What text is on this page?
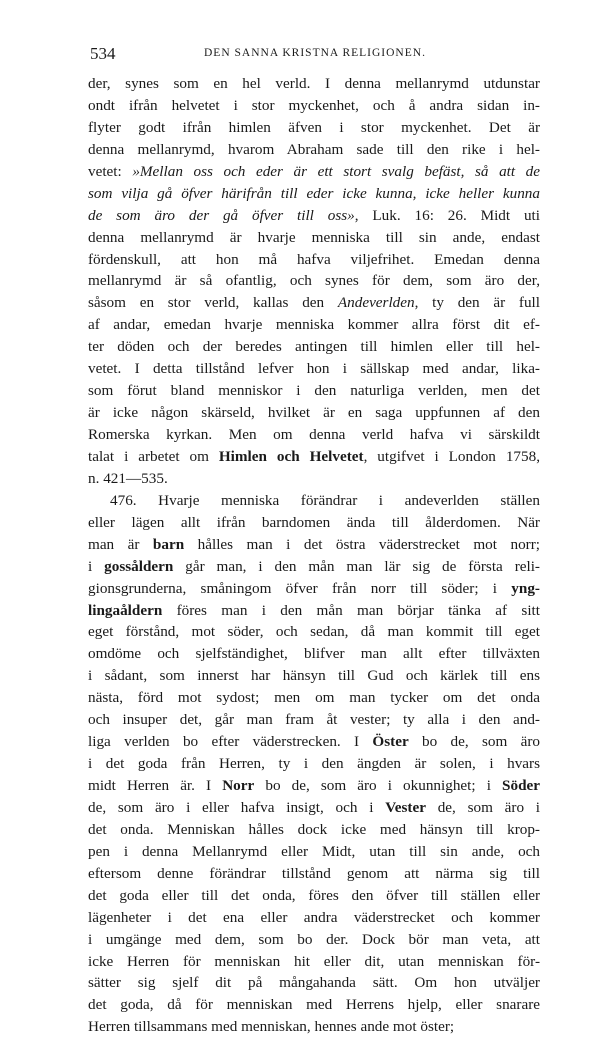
534	DEN SANNA KRISTNA RELIGIONEN.
der, synes som en hel verld. I denna mellanrymd utdunstar
ondt ifrån helvetet i stor myckenhet, och å andra sidan in-
flyter godt ifrån himlen äfven i stor myckenhet. Det är
denna mellanrymd, hvarom Abraham sade till den rike i hel-
vetet: »Mellan oss och eder är ett stort svalg befäst, så att de
som vilja gå öfver härifrån till eder icke kunna, icke heller kunna
de som äro der gå öfver till oss», Luk. 16: 26. Midt uti
denna mellanrymd är hvarje menniska till sin ande, endast
fördenskull, att hon må hafva viljefrihet. Emedan denna
mellanrymd är så ofantlig, och synes för dem, som äro der,
såsom en stor verld, kallas den Andeverlden, ty den är full
af andar, emedan hvarje menniska kommer allra först dit ef-
ter döden och der beredes antingen till himlen eller till hel-
vetet. I detta tillstånd lefver hon i sällskap med andar, lika-
som förut bland menniskor i den naturliga verlden, men det
är icke någon skärseld, hvilket är en saga uppfunnen af den
Romerska kyrkan. Men om denna verld hafva vi särskildt
talat i arbetet om Himlen och Helvetet, utgifvet i London 1758,
n. 421—535.
476. Hvarje menniska förändrar i andeverlden ställen
eller lägen allt ifrån barndomen ända till ålderdomen. När
man är barn hålles man i det östra väderstrecket mot norr;
i gossåldern går man, i den mån man lär sig de första reli-
gionsgrunderna, småningom öfver från norr till söder; i yng-
lingaåldern föres man i den mån man börjar tänka af sitt
eget förstånd, mot söder, och sedan, då man kommit till eget
omdöme och sjelfständighet, blifver man allt efter tillväxten
i sådant, som innerst har hänsyn till Gud och kärlek till ens
nästa, förd mot sydost; men om man tycker om det onda
och insuper det, går man fram åt vester; ty alla i den and-
liga verlden bo efter väderstrecken. I Öster bo de, som äro
i det goda från Herren, ty i den ängden är solen, i hvars
midt Herren är. I Norr bo de, som äro i okunnighet; i Söder
de, som äro i eller hafva insigt, och i Vester de, som äro i
det onda. Menniskan hålles dock icke med hänsyn till krop-
pen i denna Mellanrymd eller Midt, utan till sin ande, och
eftersom denne förändrar tillstånd genom att närma sig till
det goda eller till det onda, föres den öfver till ställen eller
lägenheter i det ena eller andra väderstrecket och kommer
i umgänge med dem, som bo der. Dock bör man veta, att
icke Herren för menniskan hit eller dit, utan menniskan för-
sätter sig sjelf dit på mångahanda sätt. Om hon utväljer
det goda, då för menniskan med Herrens hjelp, eller snarare
Herren tillsammans med menniskan, hennes ande mot öster;
